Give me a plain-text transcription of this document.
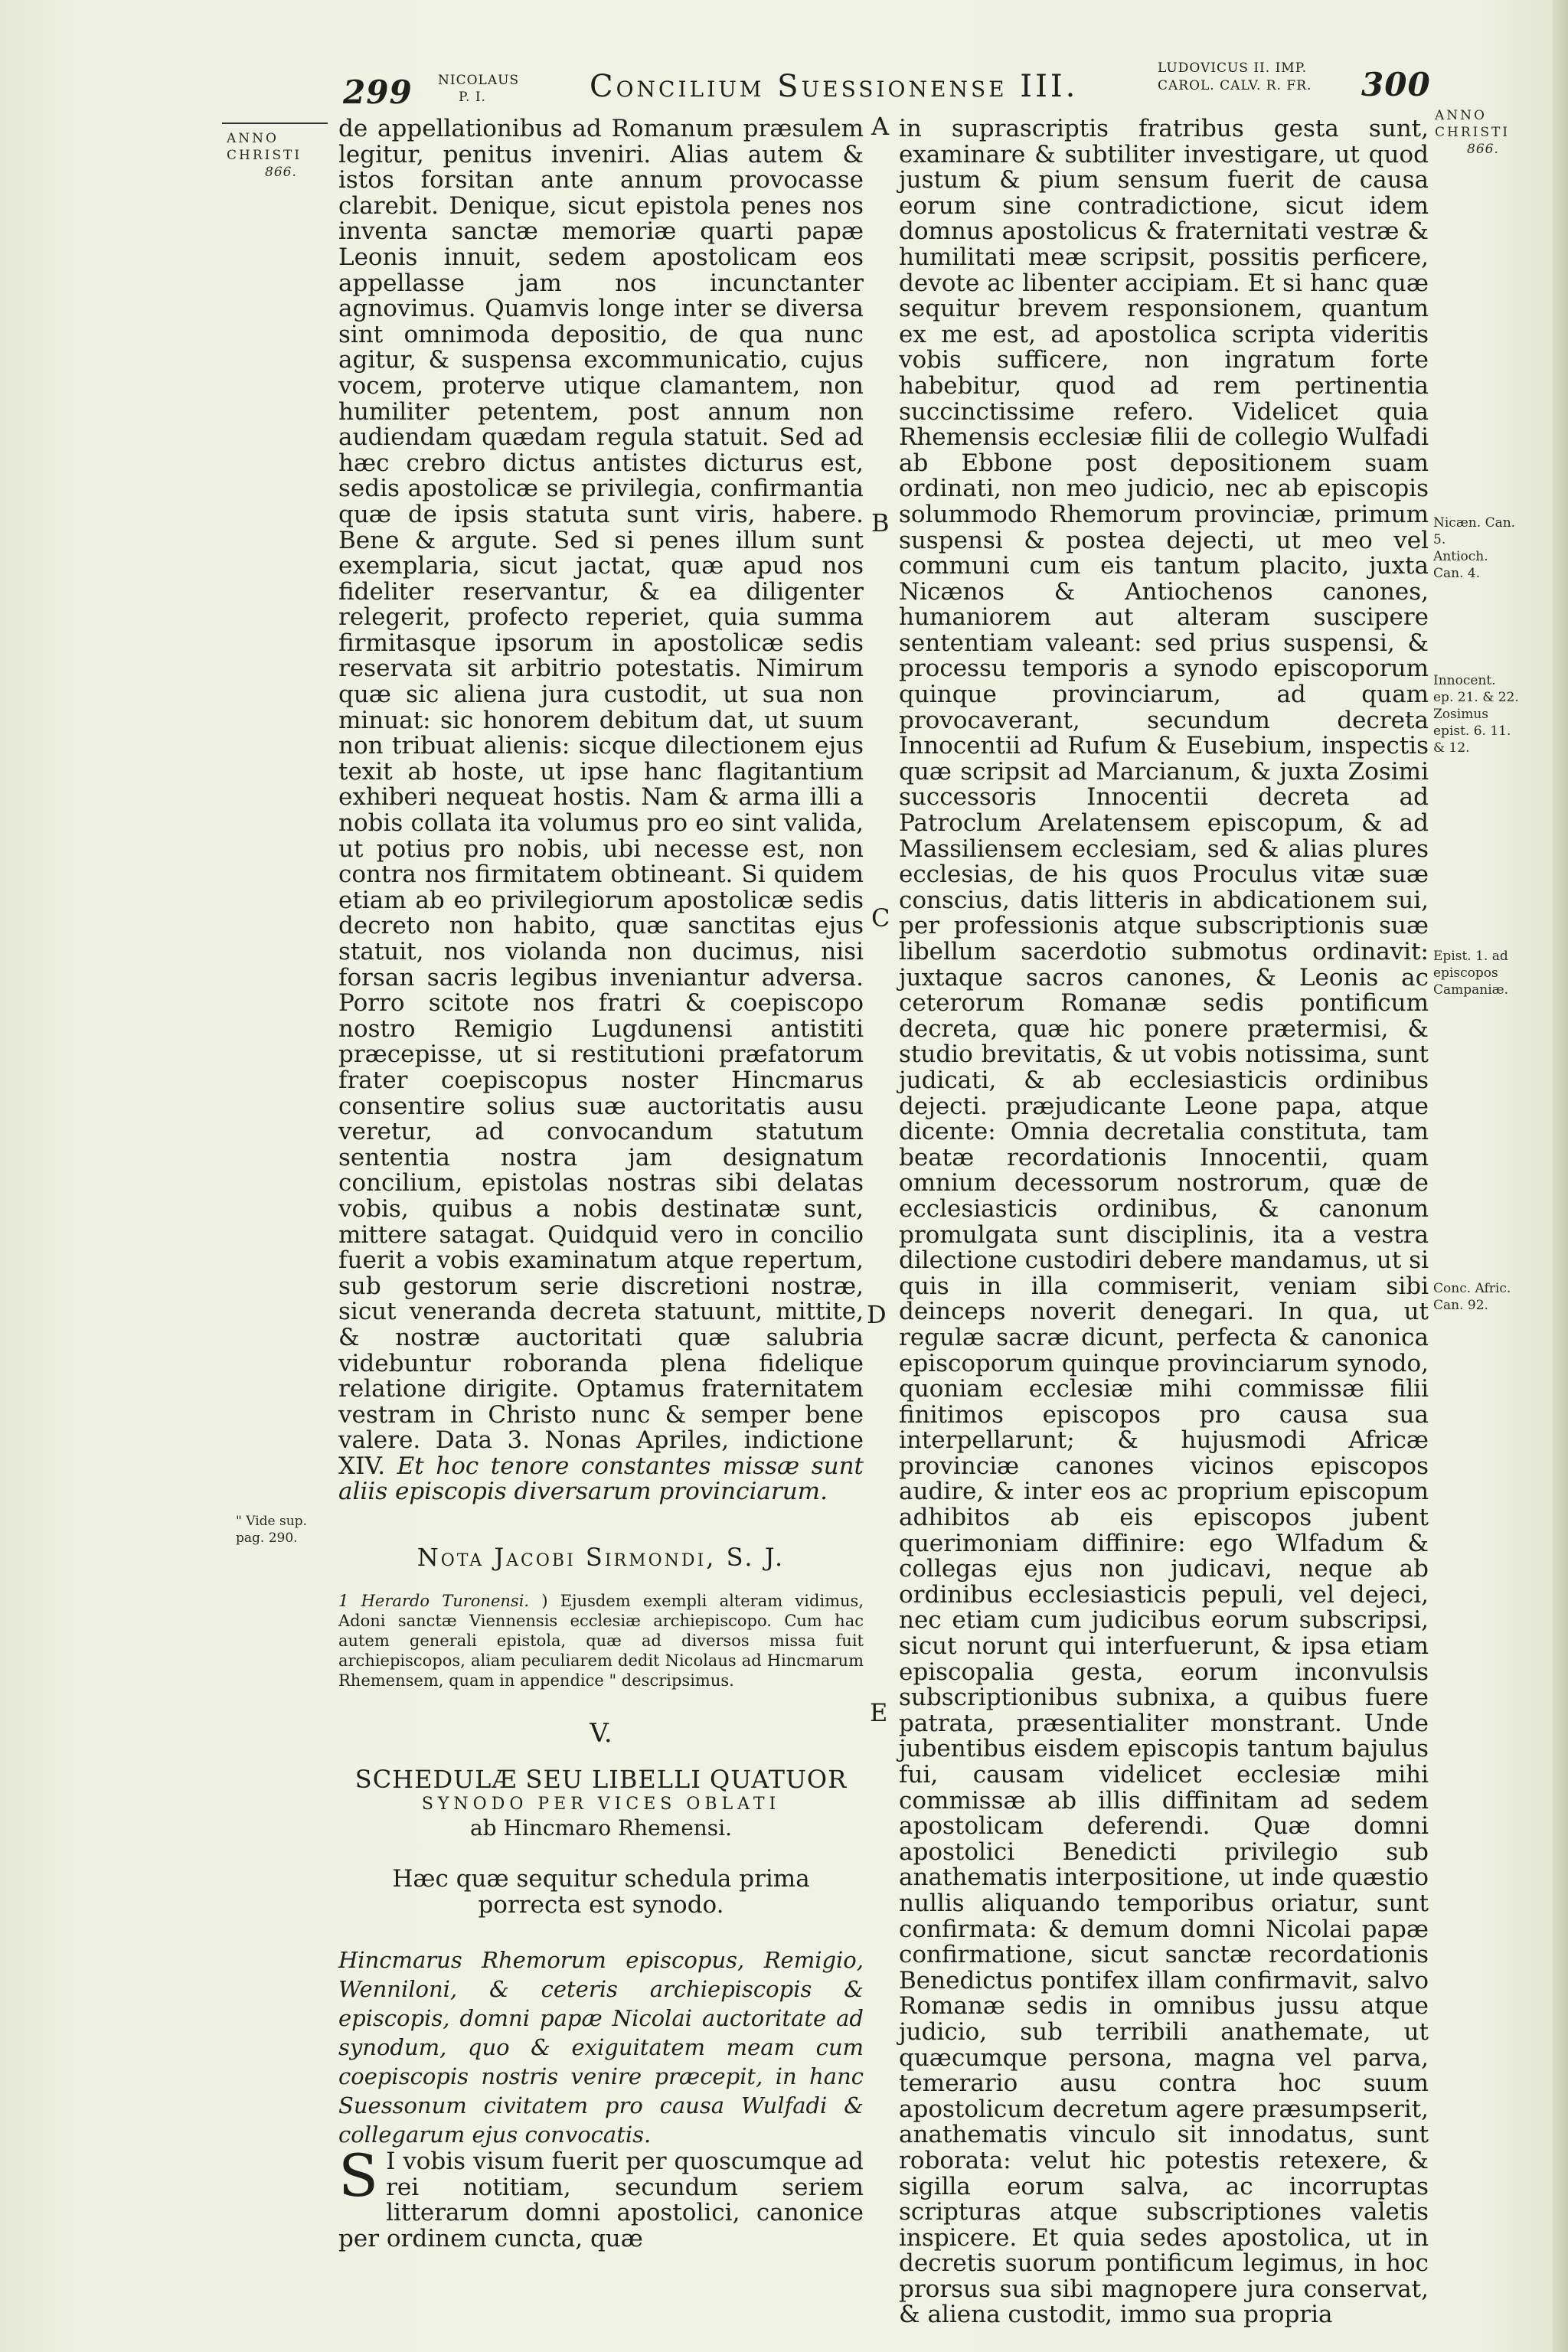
299 NICOLAUS
P. I.	Concilium Suessionense III.
LUDOVICUS II. IMP.
CAROL. CALV. R. FR. 300
ANNO
CHRISTI
866.
" Vide sup.
pag. 290.
ANNO
CHRISTI
866.
Nicæn. Can.
5.
Antioch.
Can. 4.
Innocent.
ep. 21. & 22.
Zosimus
epist. 6. 11.
& 12.
Epist. 1. ad
episcopos
Campaniæ.
Conc. Afric.
Can. 92.
A
B
C
D
E

de appellationibus ad Romanum præsulem legitur, penitus inveniri. Alias autem & istos forsitan ante annum provocasse clarebit. Denique, sicut epistola penes nos inventa sanctæ memoriæ quarti papæ Leonis innuit, sedem apostolicam eos appellasse jam nos incunctanter agnovimus. Quamvis longe inter se diversa sint omnimoda depositio, de qua nunc agitur, & suspensa excommunicatio, cujus vocem, proterve utique clamantem, non humiliter petentem, post annum non audiendam quædam regula statuit. Sed ad hæc crebro dictus antistes dicturus est, sedis apostolicæ se privilegia, confirmantia quæ de ipsis statuta sunt viris, habere. Bene & argute. Sed si penes illum sunt exemplaria, sicut jactat, quæ apud nos fideliter reservantur, & ea diligenter relegerit, profecto reperiet, quia summa firmitasque ipsorum in apostolicæ sedis reservata sit arbitrio potestatis. Nimirum quæ sic aliena jura custodit, ut sua non minuat: sic honorem debitum dat, ut suum non tribuat alienis: sicque dilectionem ejus texit ab hoste, ut ipse hanc flagitantium exhiberi nequeat hostis. Nam & arma illi a nobis collata ita volumus pro eo sint valida, ut potius pro nobis, ubi necesse est, non contra nos firmitatem obtineant. Si quidem etiam ab eo privilegiorum apostolicæ sedis decreto non habito, quæ sanctitas ejus statuit, nos violanda non ducimus, nisi forsan sacris legibus inveniantur adversa. Porro scitote nos fratri & coepiscopo nostro Remigio Lugdunensi antistiti præcepisse, ut si restitutioni præfatorum frater coepiscopus noster Hincmarus consentire solius suæ auctoritatis ausu veretur, ad convocandum statutum sententia nostra jam designatum concilium, epistolas nostras sibi delatas vobis, quibus a nobis destinatæ sunt, mittere satagat. Quidquid vero in concilio fuerit a vobis examinatum atque repertum, sub gestorum serie discretioni nostræ, sicut veneranda decreta statuunt, mittite, & nostræ auctoritati quæ salubria videbuntur roboranda plena fidelique relatione dirigite. Optamus fraternitatem vestram in Christo nunc & semper bene valere. Data 3. Nonas Apriles, indictione XIV. Et hoc tenore constantes missæ sunt aliis episcopis diversarum provinciarum.

Nota Jacobi Sirmondi, S. J.

1 Herardo Turonensi. ) Ejusdem exempli alteram vidimus, Adoni sanctæ Viennensis ecclesiæ archiepiscopo. Cum hac autem generali epistola, quæ ad diversos missa fuit archiepiscopos, aliam peculiarem dedit Nicolaus ad Hincmarum Rhemensem, quam in appendice " descripsimus.

V.
SCHEDULÆ SEU LIBELLI QUATUOR
SYNODO PER VICES OBLATI
ab Hincmaro Rhemensi.
Hæc quæ sequitur schedula prima porrecta est synodo.

Hincmarus Rhemorum episcopus, Remigio, Wenniloni, & ceteris archiepiscopis & episcopis, domni papæ Nicolai auctoritate ad synodum, quo & exiguitatem meam cum coepiscopis nostris venire præcepit, in hanc Suessonum civitatem pro causa Wulfadi & collegarum ejus convocatis.

S I vobis visum fuerit per quoscumque ad rei notitiam, secundum seriem litterarum domni apostolici, canonice per ordinem cuncta, quæ

in suprascriptis fratribus gesta sunt, examinare & subtiliter investigare, ut quod justum & pium sensum fuerit de causa eorum sine contradictione, sicut idem domnus apostolicus & fraternitati vestræ & humilitati meæ scripsit, possitis perficere, devote ac libenter accipiam. Et si hanc quæ sequitur brevem responsionem, quantum ex me est, ad apostolica scripta videritis vobis sufficere, non ingratum forte habebitur, quod ad rem pertinentia succinctissime refero. Videlicet quia Rhemensis ecclesiæ filii de collegio Wulfadi ab Ebbone post depositionem suam ordinati, non meo judicio, nec ab episcopis solummodo Rhemorum provinciæ, primum suspensi & postea dejecti, ut meo vel communi cum eis tantum placito, juxta Nicænos & Antiochenos canones, humaniorem aut alteram suscipere sententiam valeant: sed prius suspensi, & processu temporis a synodo episcoporum quinque provinciarum, ad quam provocaverant, secundum decreta Innocentii ad Rufum & Eusebium, inspectis quæ scripsit ad Marcianum, & juxta Zosimi successoris Innocentii decreta ad Patroclum Arelatensem episcopum, & ad Massiliensem ecclesiam, sed & alias plures ecclesias, de his quos Proculus vitæ suæ conscius, datis litteris in abdicationem sui, per professionis atque subscriptionis suæ libellum sacerdotio submotus ordinavit: juxtaque sacros canones, & Leonis ac ceterorum Romanæ sedis pontificum decreta, quæ hic ponere prætermisi, & studio brevitatis, & ut vobis notissima, sunt judicati, & ab ecclesiasticis ordinibus dejecti. præjudicante Leone papa, atque dicente: Omnia decretalia constituta, tam beatæ recordationis Innocentii, quam omnium decessorum nostrorum, quæ de ecclesiasticis ordinibus, & canonum promulgata sunt disciplinis, ita a vestra dilectione custodiri debere mandamus, ut si quis in illa commiserit, veniam sibi deinceps noverit denegari. In qua, ut regulæ sacræ dicunt, perfecta & canonica episcoporum quinque provinciarum synodo, quoniam ecclesiæ mihi commissæ filii finitimos episcopos pro causa sua interpellarunt; & hujusmodi Africæ provinciæ canones vicinos episcopos audire, & inter eos ac proprium episcopum adhibitos ab eis episcopos jubent querimoniam diffinire: ego Wlfadum & collegas ejus non judicavi, neque ab ordinibus ecclesiasticis pepuli, vel dejeci, nec etiam cum judicibus eorum subscripsi, sicut norunt qui interfuerunt, & ipsa etiam episcopalia gesta, eorum inconvulsis subscriptionibus subnixa, a quibus fuere patrata, præsentialiter monstrant. Unde jubentibus eisdem episcopis tantum bajulus fui, causam videlicet ecclesiæ mihi commissæ ab illis diffinitam ad sedem apostolicam deferendi. Quæ domni apostolici Benedicti privilegio sub anathematis interpositione, ut inde quæstio nullis aliquando temporibus oriatur, sunt confirmata: & demum domni Nicolai papæ confirmatione, sicut sanctæ recordationis Benedictus pontifex illam confirmavit, salvo Romanæ sedis in omnibus jussu atque judicio, sub terribili anathemate, ut quæcumque persona, magna vel parva, temerario ausu contra hoc suum apostolicum decretum agere præsumpserit, anathematis vinculo sit innodatus, sunt roborata: velut hic potestis retexere, & sigilla eorum salva, ac incorruptas scripturas atque subscriptiones valetis inspicere. Et quia sedes apostolica, ut in decretis suorum pontificum legimus, in hoc prorsus sua sibi magnopere jura conservat, & aliena custodit, immo sua propria
